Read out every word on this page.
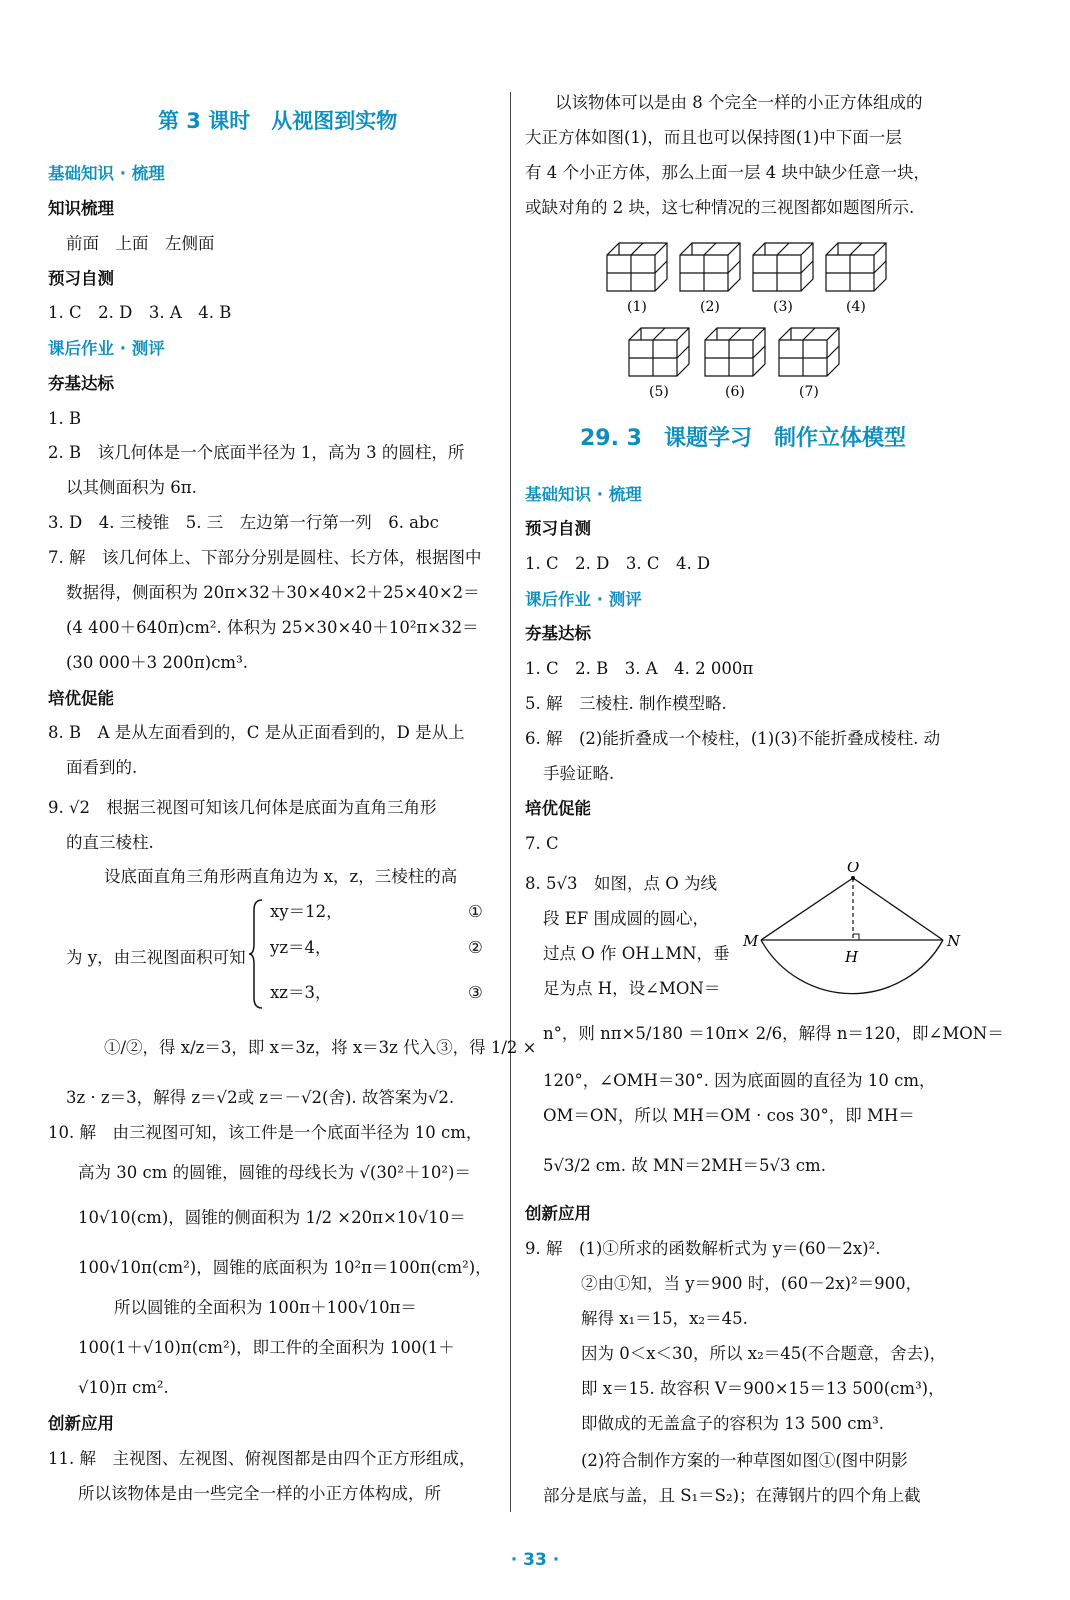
第 3 课时　从视图到实物
基础知识 · 梳理
知识梳理
前面　上面　左侧面
预习自测
1. C　2. D　3. A　4. B
课后作业 · 测评
夯基达标
1. B
2. B　该几何体是一个底面半径为 1，高为 3 的圆柱，所
以其侧面积为 6π.
3. D　4. 三棱锥　5. 三　左边第一行第一列　6. abc
7. 解　该几何体上、下部分分别是圆柱、长方体，根据图中
数据得，侧面积为 20π×32＋30×40×2＋25×40×2＝
(4 400＋640π)cm². 体积为 25×30×40＋10²π×32＝
(30 000＋3 200π)cm³.
培优促能
8. B　A 是从左面看到的，C 是从正面看到的，D 是从上
面看到的.
9. √2　根据三视图可知该几何体是底面为直角三角形
的直三棱柱.
设底面直角三角形两直角边为 x，z，三棱柱的高
为 y，由三视图面积可知
xy＝12，
yz＝4，
xz＝3，
①
②
③
①/②，得 x/z＝3，即 x＝3z，将 x＝3z 代入③，得 1/2 ×
3z · z＝3，解得 z＝√2或 z＝－√2(舍). 故答案为√2.
10. 解　由三视图可知，该工件是一个底面半径为 10 cm，
高为 30 cm 的圆锥，圆锥的母线长为 √(30²＋10²)＝
10√10(cm)，圆锥的侧面积为 1/2 ×20π×10√10＝
100√10π(cm²)，圆锥的底面积为 10²π＝100π(cm²)，
所以圆锥的全面积为 100π＋100√10π＝
100(1＋√10)π(cm²)，即工件的全面积为 100(1＋
√10)π cm².
创新应用
11. 解　主视图、左视图、俯视图都是由四个正方形组成，
所以该物体是由一些完全一样的小正方体构成，所
以该物体可以是由 8 个完全一样的小正方体组成的
大正方体如图(1)，而且也可以保持图(1)中下面一层
有 4 个小正方体，那么上面一层 4 块中缺少任意一块，
或缺对角的 2 块，这七种情况的三视图都如题图所示.
(1)	(2)	(3)	(4)
(5)	(6)	(7)
29. 3　课题学习　制作立体模型
基础知识 · 梳理
预习自测
1. C　2. D　3. C　4. D
课后作业 · 测评
夯基达标
1. C　2. B　3. A　4. 2 000π
5. 解　三棱柱. 制作模型略.
6. 解　(2)能折叠成一个棱柱，(1)(3)不能折叠成棱柱. 动
手验证略.
培优促能
7. C
8. 5√3　如图，点 O 为线
段 EF 围成圆的圆心，
过点 O 作 OH⊥MN，垂
足为点 H，设∠MON＝
O
M	N
H
n°，则 nπ×5/180 ＝10π× 2/6，解得 n＝120，即∠MON＝
120°，∠OMH＝30°. 因为底面圆的直径为 10 cm，
OM＝ON，所以 MH＝OM · cos 30°，即 MH＝
5√3/2 cm. 故 MN＝2MH＝5√3 cm.
创新应用
9. 解　(1)①所求的函数解析式为 y＝(60－2x)².
②由①知，当 y＝900 时，(60－2x)²＝900，
解得 x₁＝15，x₂＝45.
因为 0＜x＜30，所以 x₂＝45(不合题意，舍去)，
即 x＝15. 故容积 V＝900×15＝13 500(cm³)，
即做成的无盖盒子的容积为 13 500 cm³.
(2)符合制作方案的一种草图如图①(图中阴影
部分是底与盖，且 S₁＝S₂)；在薄钢片的四个角上截
· 33 ·
